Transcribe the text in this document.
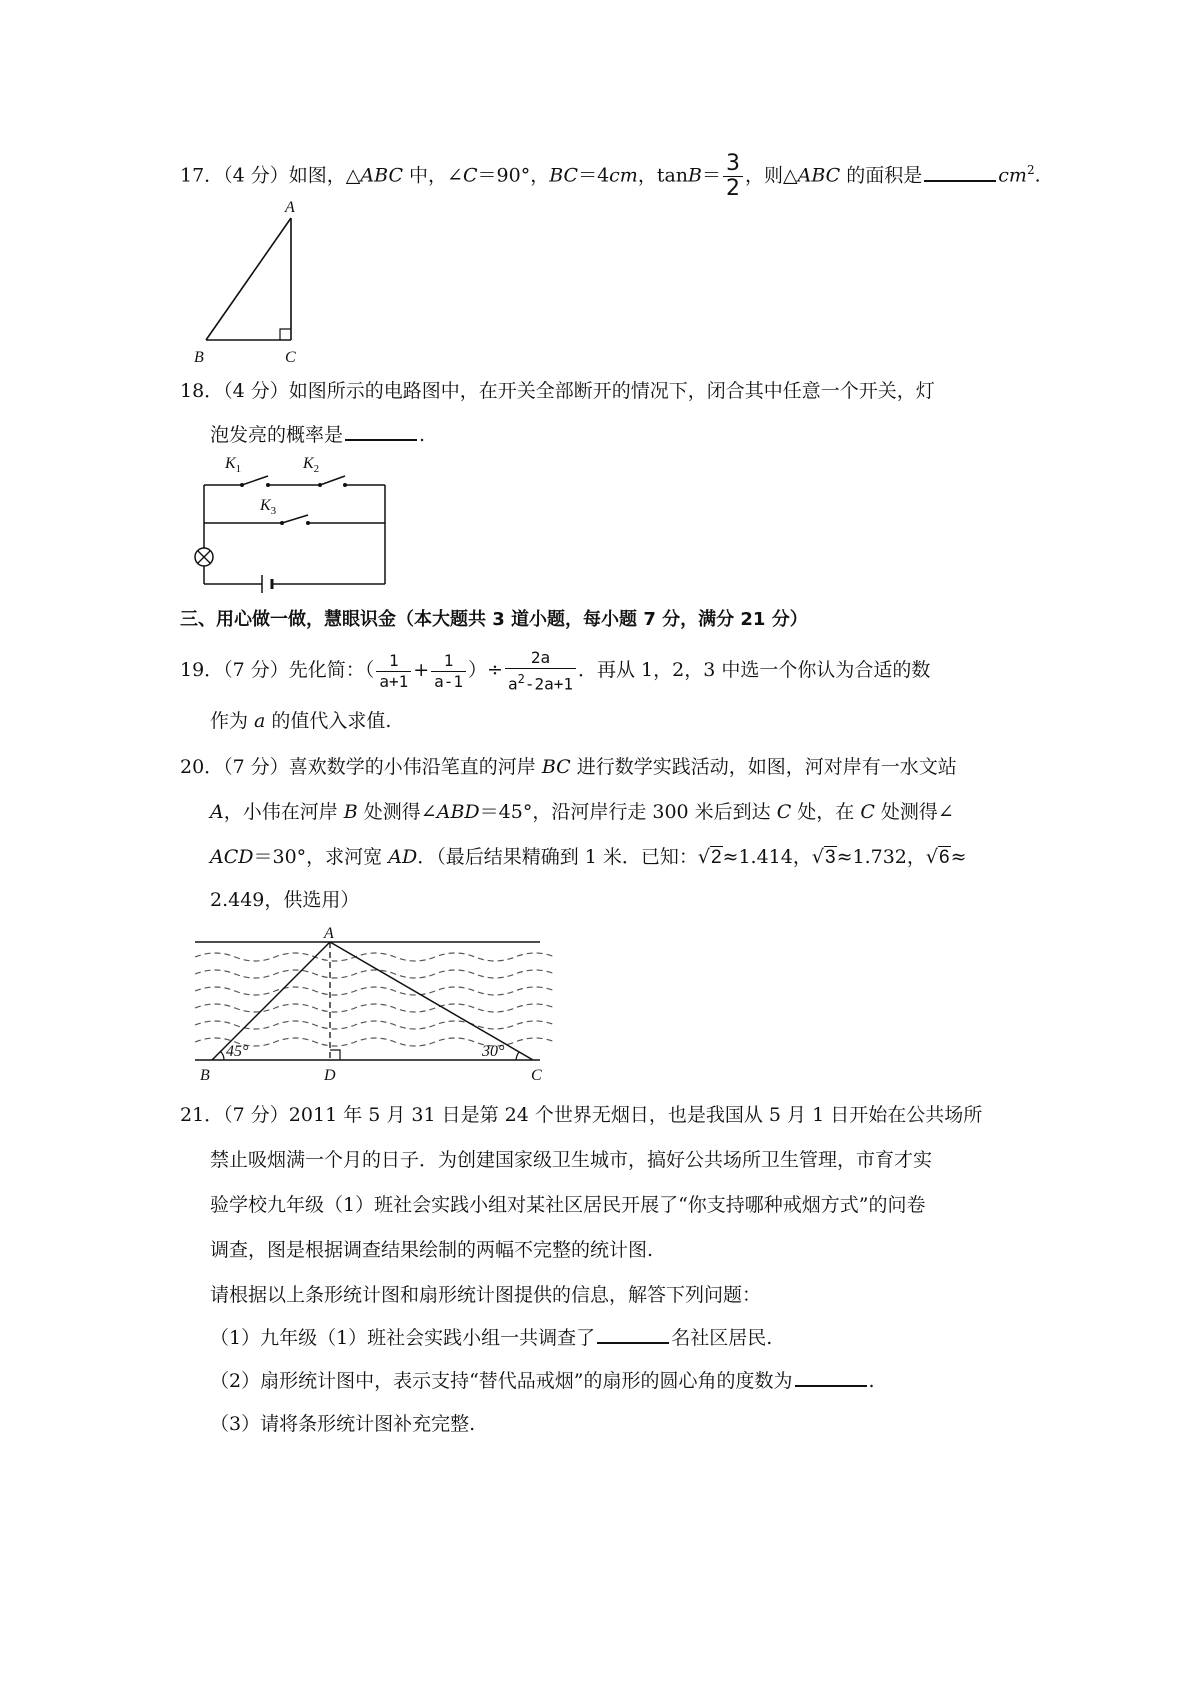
17．（4 分）如图，△ABC 中，∠C＝90°，BC＝4cm，$\tan B= \frac{3}{2}$ ，则△ABC 的面积是	$cm^2$.
A
B	C
18．（4 分）如图所示的电路图中，在开关全部断开的情况下，闭合其中任意一个开关，灯
泡发亮的概率是	.
$K_1$	$K_2$
$K_3$
三、用心做一做，慧眼识金（本大题共 3 道小题，每小题 7 分，满分 21 分）
19．（7 分）先化简：（ $\frac{1}{a+1} + \frac{1}{a-1}$ ）÷ $\frac{2a}{a^2-2a+1}$ ．再从 1，2，3 中选一个你认为合适的数
作为 a 的值代入求值.
20．（7 分）喜欢数学的小伟沿笔直的河岸 BC 进行数学实践活动，如图，河对岸有一水文站
A，小伟在河岸 B 处测得∠ABD＝45°，沿河岸行走 300 米后到达 C 处，在 C 处测得∠
ACD＝30°，求河宽 AD．（最后结果精确到 1 米．已知：√2≈1.414，√3≈1.732，√6≈
2.449，供选用）
A
B	D	C
45°	30°
21．（7 分）2011 年 5 月 31 日是第 24 个世界无烟日，也是我国从 5 月 1 日开始在公共场所
禁止吸烟满一个月的日子．为创建国家级卫生城市，搞好公共场所卫生管理，市育才实
验学校九年级（1）班社会实践小组对某社区居民开展了“你支持哪种戒烟方式”的问卷
调查，图是根据调查结果绘制的两幅不完整的统计图.
请根据以上条形统计图和扇形统计图提供的信息，解答下列问题：
（1）九年级（1）班社会实践小组一共调查了	名社区居民.
（2）扇形统计图中，表示支持“替代品戒烟”的扇形的圆心角的度数为	.
（3）请将条形统计图补充完整.
